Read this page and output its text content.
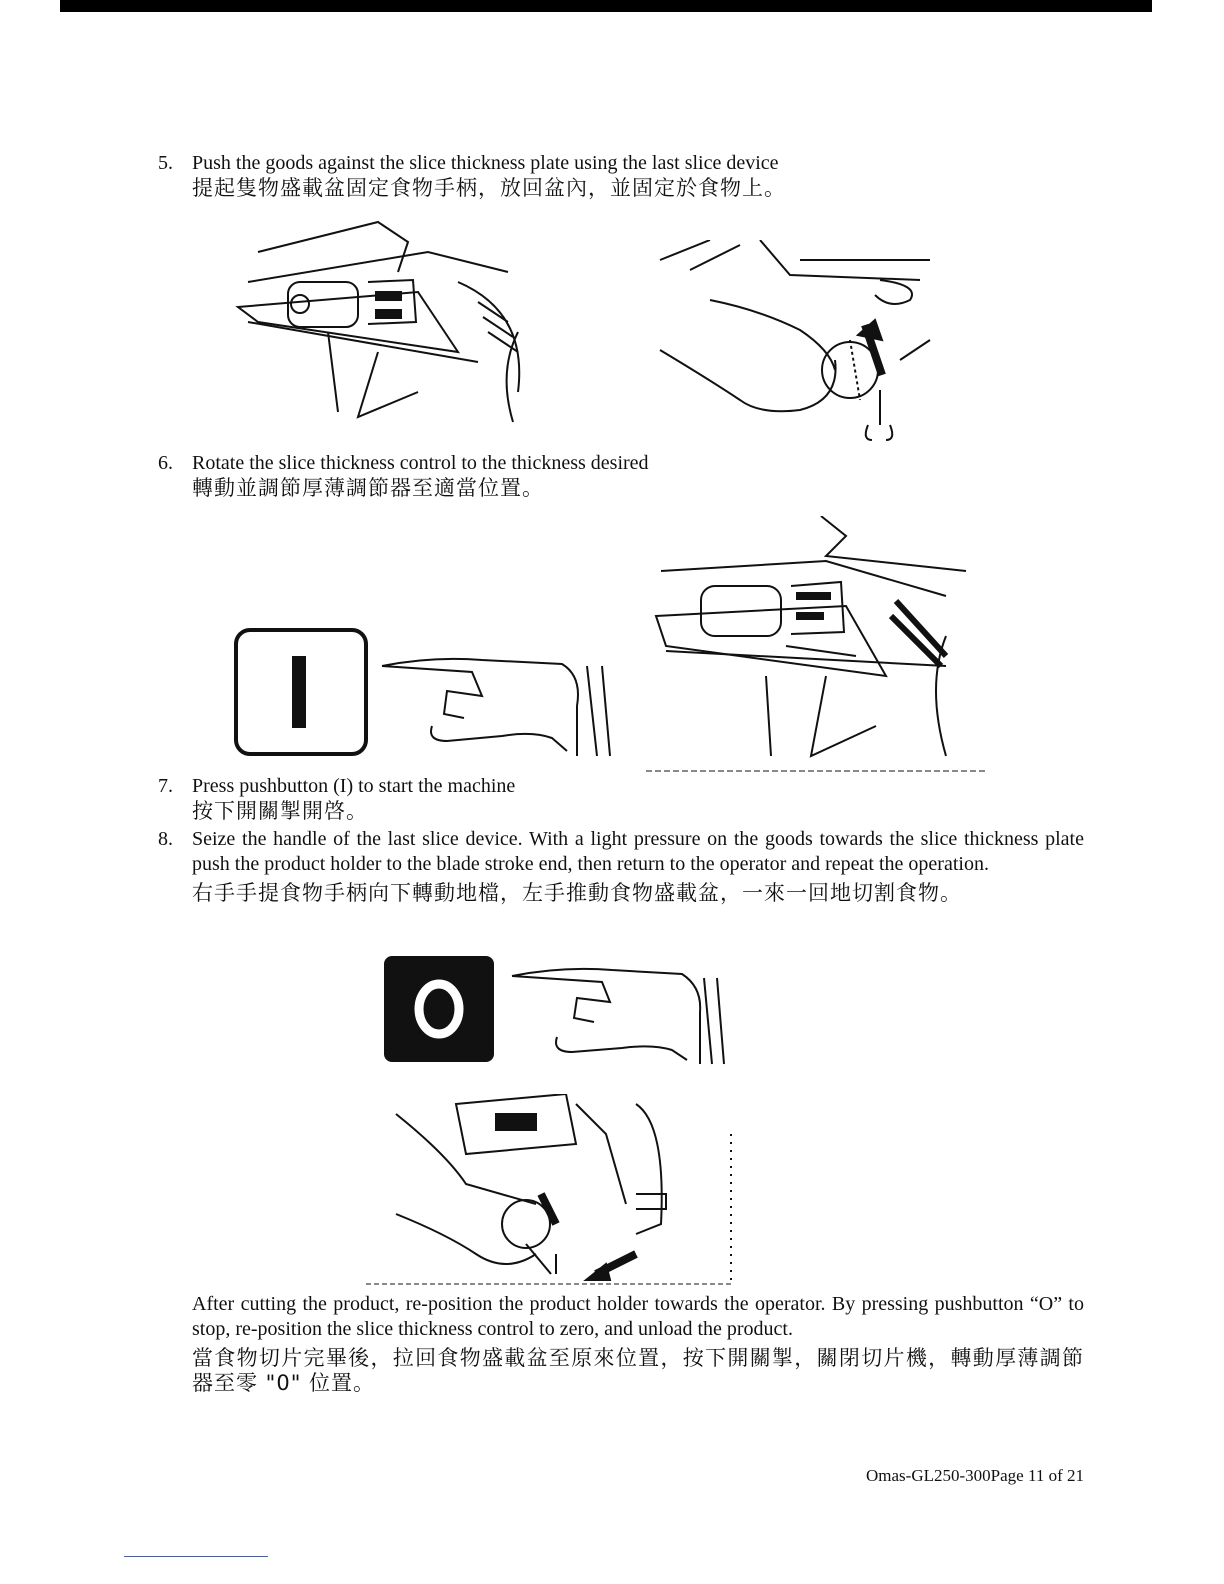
5. Push the goods against the slice thickness plate using the last slice device
提起隻物盛載盆固定食物手柄，放回盆內，並固定於食物上。
6. Rotate the slice thickness control to the thickness desired
轉動並調節厚薄調節器至適當位置。
7. Press pushbutton (I) to start the machine
按下開關掣開啓。
8. Seize the handle of the last slice device. With a light pressure on the goods towards the slice thickness plate push the product holder to the blade stroke end, then return to the operator and repeat the operation.
右手手提食物手柄向下轉動地檔，左手推動食物盛載盆，一來一回地切割食物。
After cutting the product, re-position the product holder towards the operator. By pressing pushbutton “O” to stop, re-position the slice thickness control to zero, and unload the product.
當食物切片完畢後，拉回食物盛載盆至原來位置，按下開關掣，關閉切片機，轉動厚薄調節器至零 "0" 位置。
Omas-GL250-300Page 11 of 21
